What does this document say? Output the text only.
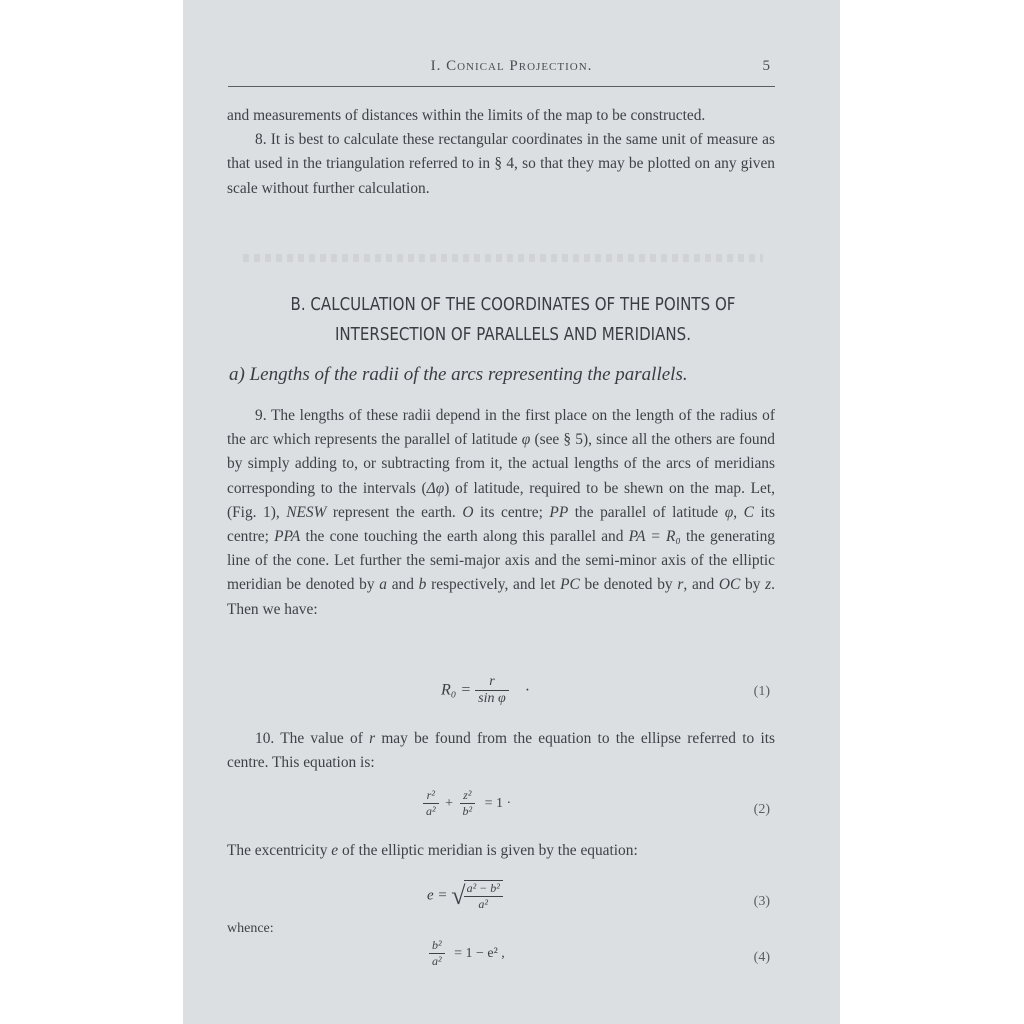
I. Conical Projection.	5

and measurements of distances within the limits of the map to be constructed.

8. It is best to calculate these rectangular coordinates in the same unit of measure as that used in the triangulation referred to in § 4, so that they may be plotted on any given scale without further calculation.

B. CALCULATION OF THE COORDINATES OF THE POINTS OF
INTERSECTION OF PARALLELS AND MERIDIANS.
a) Lengths of the radii of the arcs representing the parallels.

9. The lengths of these radii depend in the first place on the length of the radius of the arc which represents the parallel of latitude φ (see § 5), since all the others are found by simply adding to, or subtracting from it, the actual lengths of the arcs of meridians corresponding to the intervals (Δφ) of latitude, required to be shewn on the map. Let, (Fig. 1), NESW represent the earth. O its centre; PP the parallel of latitude φ, C its centre; PPA the cone touching the earth along this parallel and PA = R₀ the generating line of the cone. Let further the semi-major axis and the semi-minor axis of the elliptic meridian be denoted by a and b respectively, and let PC be denoted by r, and OC by z. Then we have:

$R_0 = \frac{r}{\text{sin φ}}$ ·	(1)

10. The value of r may be found from the equation to the ellipse referred to its centre. This equation is:

$\frac{\text{r²}}{\text{a²}} + \frac{\text{z²}}{\text{b²}} = 1$ ·	(2)
The excentricity e of the elliptic meridian is given by the equation:
e = √
$\frac{\text{a² − b²}}{\text{a²}}$	(3)
whence:
$\frac{\text{b²}}{\text{a²}} = 1 - e^2$ ,	(4)
